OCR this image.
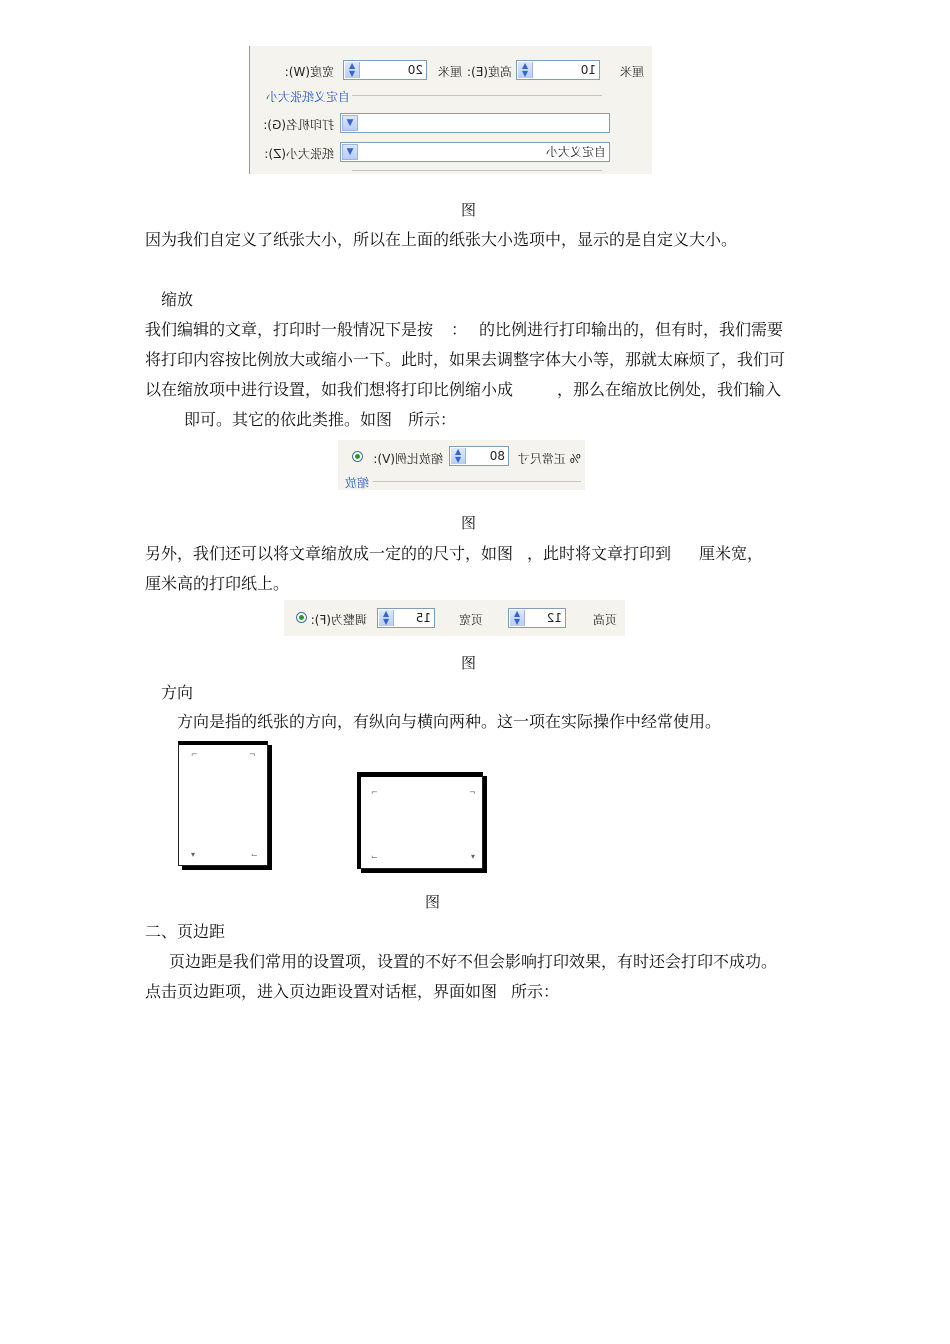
厘米
10
▲
▼
高度(E):
厘米
20
▲
▼
宽度(W):
自定义纸张大小
▼
打印机名(G):
自定义大小
▼
纸张大小(Z):
图
因为我们自定义了纸张大小，所以在上面的纸张大小选项中，显示的是自定义大小。
缩放
我们编辑的文章，打印时一般情况下是按 ： 的比例进行打印输出的，但有时，我们需要
将打印内容按比例放大或缩小一下。此时，如果去调整字体大小等，那就太麻烦了，我们可
以在缩放项中进行设置，如我们想将打印比例缩小成	，那么在缩放比例处，我们输入
即可。其它的依此类推。如图 所示：
% 正常尺寸
80
▲
▼
缩放比例(V):
缩放
图
另外，我们还可以将文章缩放成一定的的尺寸，如图 ，此时将文章打印到 厘米宽，
厘米高的打印纸上。
页高
12
▲
▼
页宽
15
▲
▼
调整为(F):
图
方向
方向是指的纸张的方向，有纵向与横向两种。这一项在实际操作中经常使用。
⌐	¬
▾	⌙
⌐	¬
⌙	▾
图
二、页边距
页边距是我们常用的设置项，设置的不好不但会影响打印效果，有时还会打印不成功。
点击页边距项，进入页边距设置对话框，界面如图 所示：
